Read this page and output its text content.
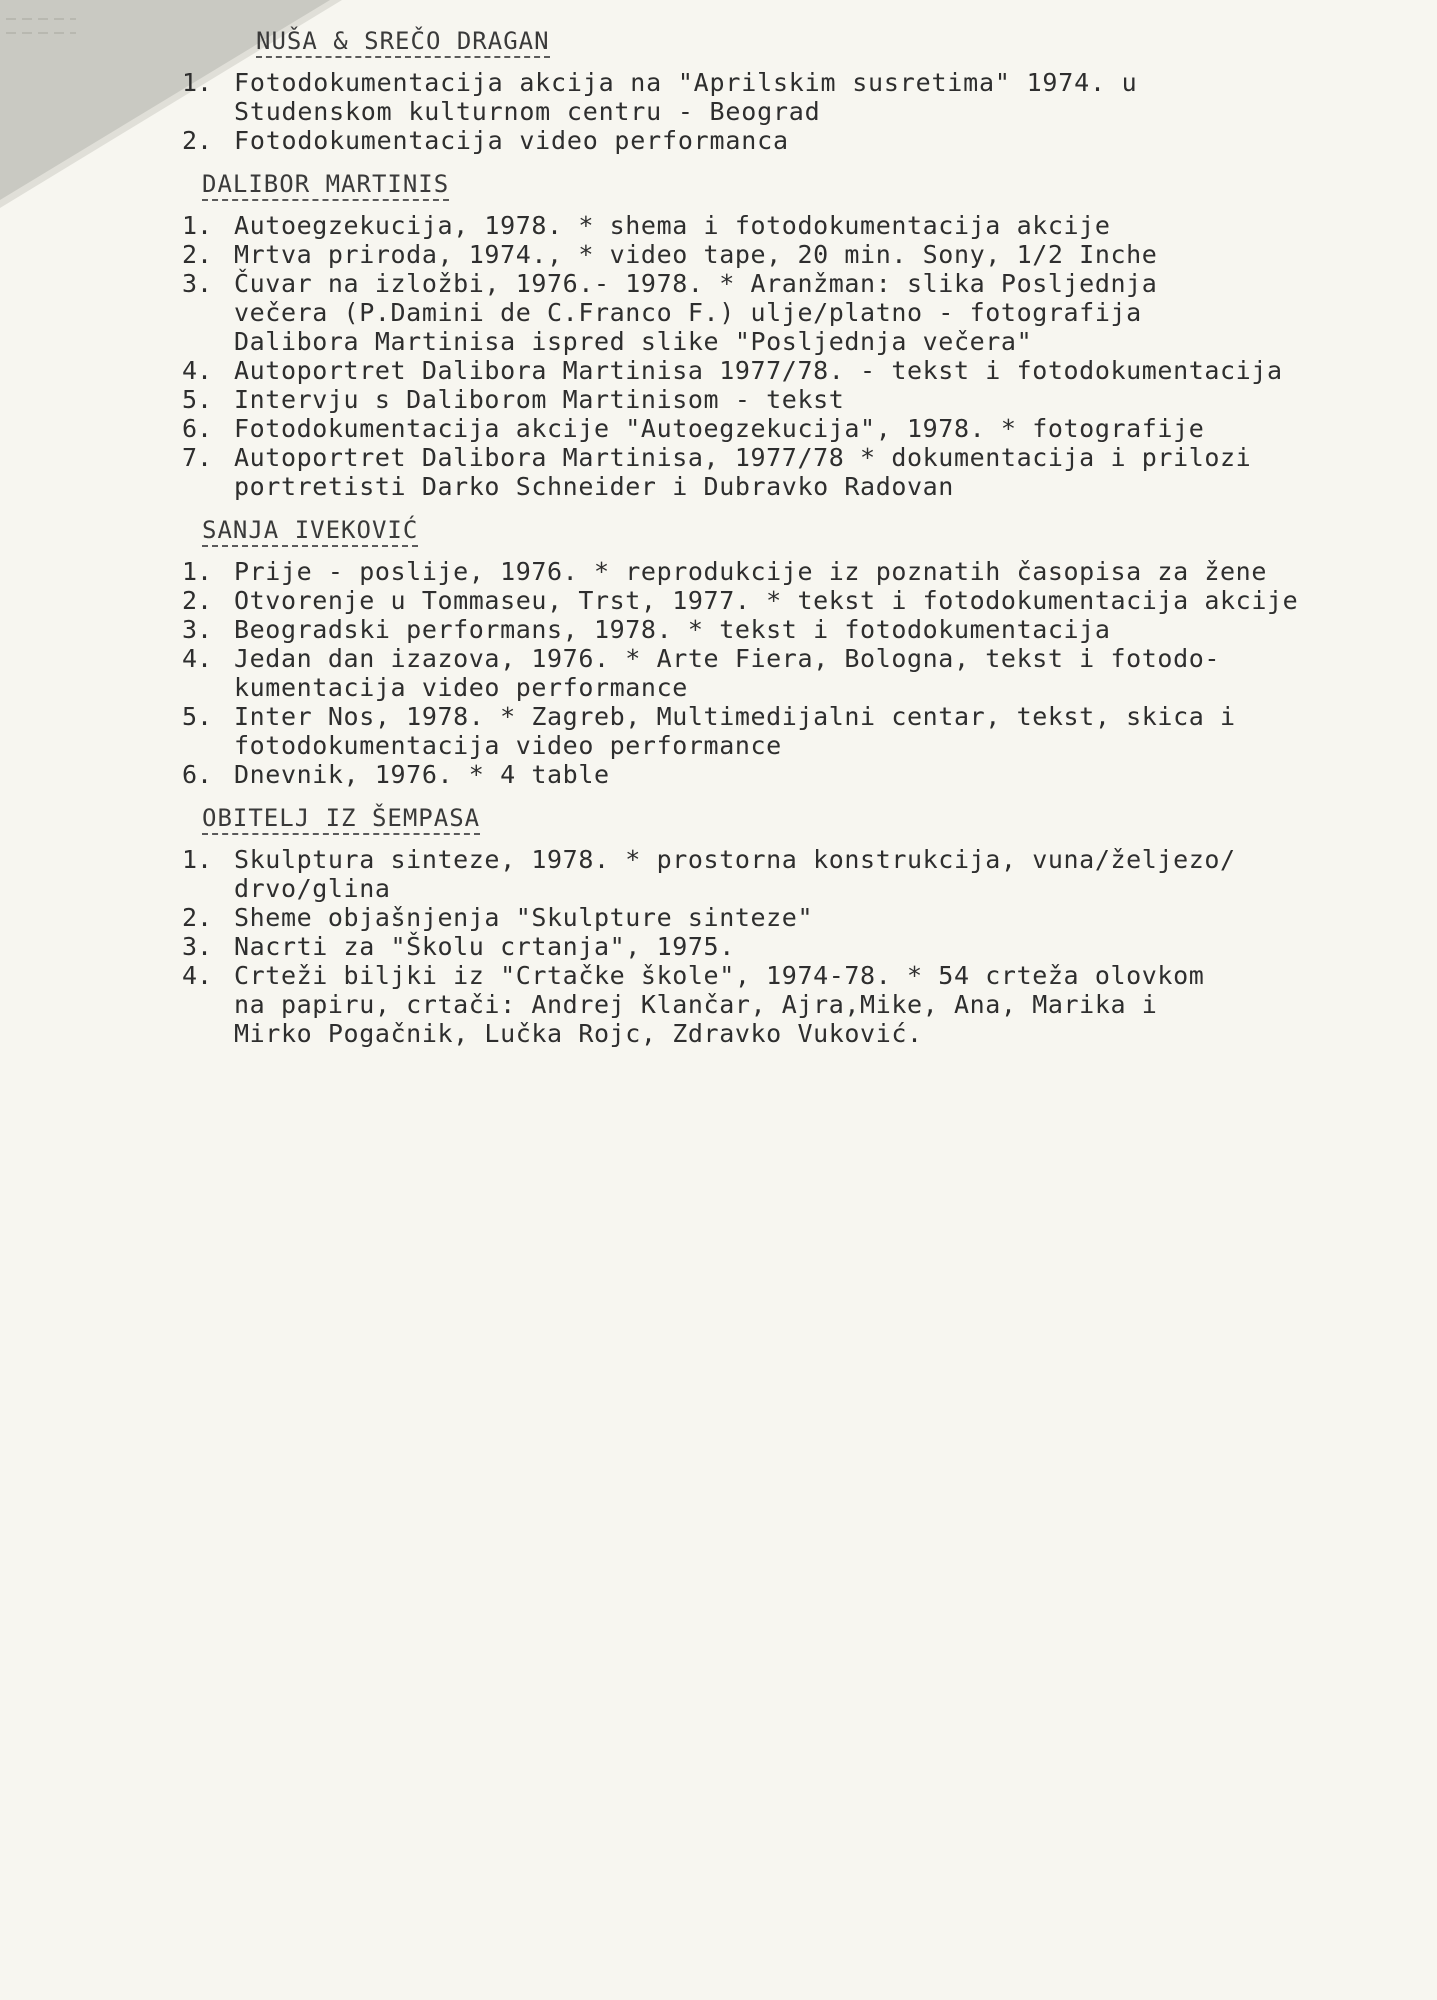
NUŠA & SREČO DRAGAN
1. Fotodokumentacija akcija na "Aprilskim susretima" 1974. u
Studenskom kulturnom centru - Beograd
2. Fotodokumentacija video performanca
DALIBOR MARTINIS
1. Autoegzekucija, 1978. * shema i fotodokumentacija akcije
2. Mrtva priroda, 1974., * video tape, 20 min. Sony, 1/2 Inche
3. Čuvar na izložbi, 1976.- 1978. * Aranžman: slika Posljednja
večera (P.Damini de C.Franco F.) ulje/platno - fotografija
Dalibora Martinisa ispred slike "Posljednja večera"
4. Autoportret Dalibora Martinisa 1977/78. - tekst i fotodokumentacija
5. Intervju s Daliborom Martinisom - tekst
6. Fotodokumentacija akcije "Autoegzekucija", 1978. * fotografije
7. Autoportret Dalibora Martinisa, 1977/78 * dokumentacija i prilozi
portretisti Darko Schneider i Dubravko Radovan
SANJA IVEKOVIĆ
1. Prije - poslije, 1976. * reprodukcije iz poznatih časopisa za žene
2. Otvorenje u Tommaseu, Trst, 1977. * tekst i fotodokumentacija akcije
3. Beogradski performans, 1978. * tekst i fotodokumentacija
4. Jedan dan izazova, 1976. * Arte Fiera, Bologna, tekst i fotodo-
kumentacija video performance
5. Inter Nos, 1978. * Zagreb, Multimedijalni centar, tekst, skica i
fotodokumentacija video performance
6. Dnevnik, 1976. * 4 table
OBITELJ IZ ŠEMPASA
1. Skulptura sinteze, 1978. * prostorna konstrukcija, vuna/željezo/
drvo/glina
2. Sheme objašnjenja "Skulpture sinteze"
3. Nacrti za "Školu crtanja", 1975.
4. Crteži biljki iz "Crtačke škole", 1974-78. * 54 crteža olovkom
na papiru, crtači: Andrej Klančar, Ajra,Mike, Ana, Marika i
Mirko Pogačnik, Lučka Rojc, Zdravko Vuković.
